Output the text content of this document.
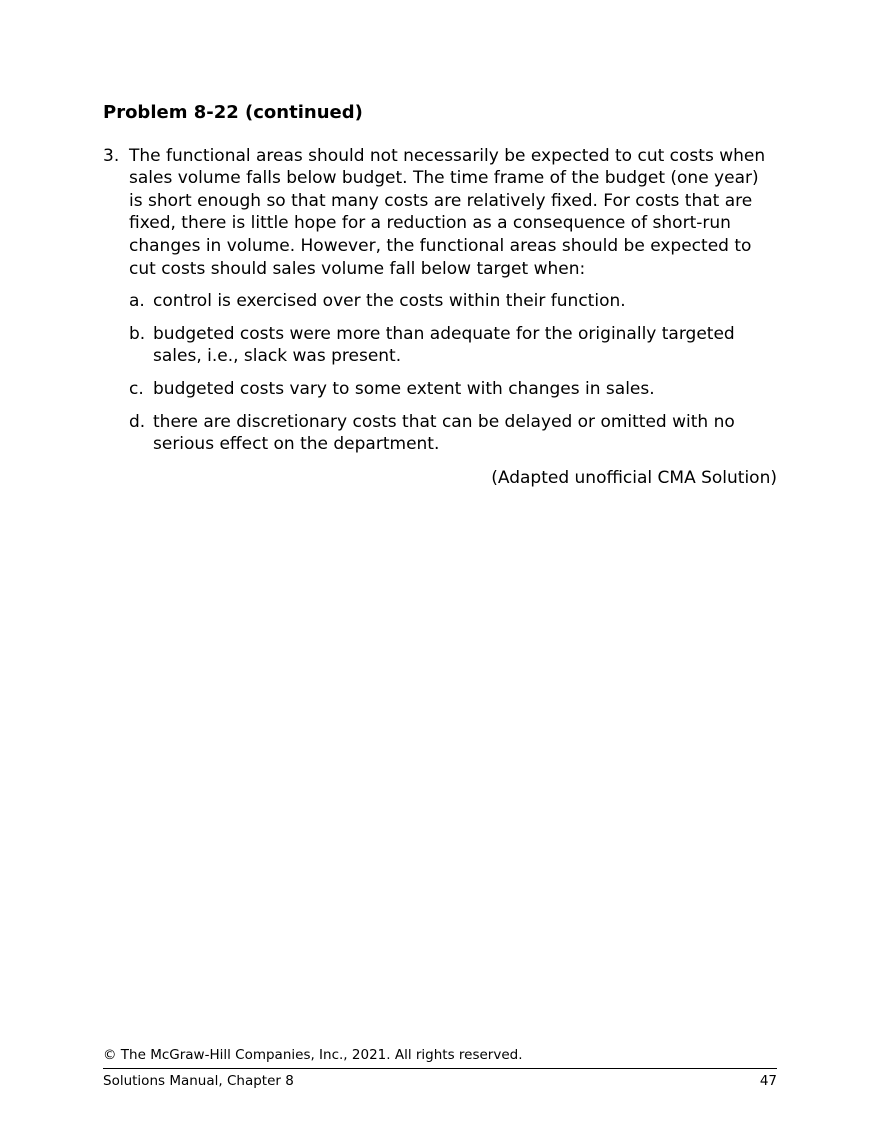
Problem 8-22 (continued)
3. The functional areas should not necessarily be expected to cut costs when sales volume falls below budget. The time frame of the budget (one year) is short enough so that many costs are relatively fixed. For costs that are fixed, there is little hope for a reduction as a consequence of short-run changes in volume. However, the functional areas should be expected to cut costs should sales volume fall below target when:
a. control is exercised over the costs within their function.
b. budgeted costs were more than adequate for the originally targeted sales, i.e., slack was present.
c. budgeted costs vary to some extent with changes in sales.
d. there are discretionary costs that can be delayed or omitted with no serious effect on the department.
(Adapted unofficial CMA Solution)
© The McGraw-Hill Companies, Inc., 2021. All rights reserved.
Solutions Manual, Chapter 8	47
